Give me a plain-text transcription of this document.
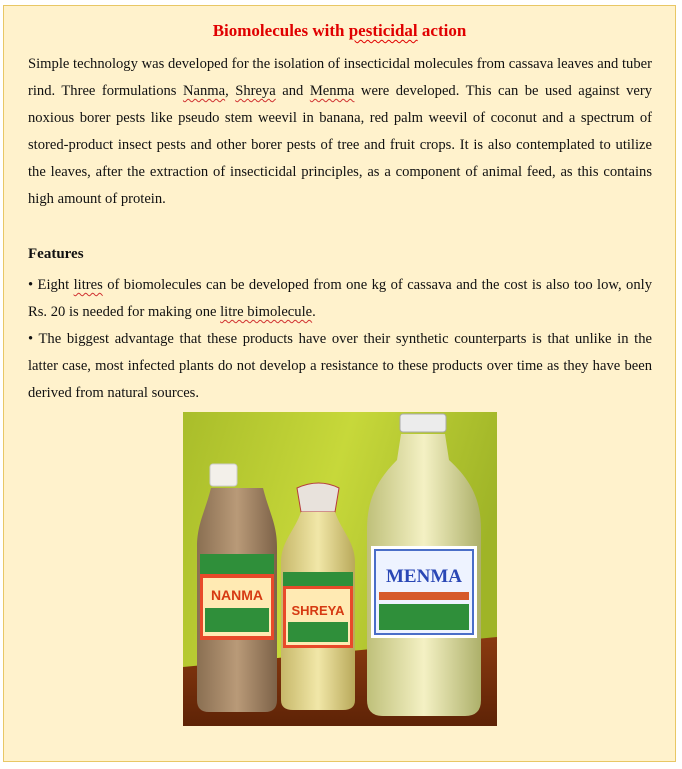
Biomolecules with pesticidal action

Simple technology was developed for the isolation of insecticidal molecules from cassava leaves and tuber rind. Three formulations Nanma, Shreya and Menma were developed. This can be used against very noxious borer pests like pseudo stem weevil in banana, red palm weevil of coconut and a spectrum of stored-product insect pests and other borer pests of tree and fruit crops. It is also contemplated to utilize the leaves, after the extraction of insecticidal principles, as a component of animal feed, as this contains high amount of protein.

Features

• Eight litres of biomolecules can be developed from one kg of cassava and the cost is also too low, only Rs. 20 is needed for making one litre bimolecule.

• The biggest advantage that these products have over their synthetic counterparts is that unlike in the latter case, most infected plants do not develop a resistance to these products over time as they have been derived from natural sources.

NANMA
SHREYA
MENMA
